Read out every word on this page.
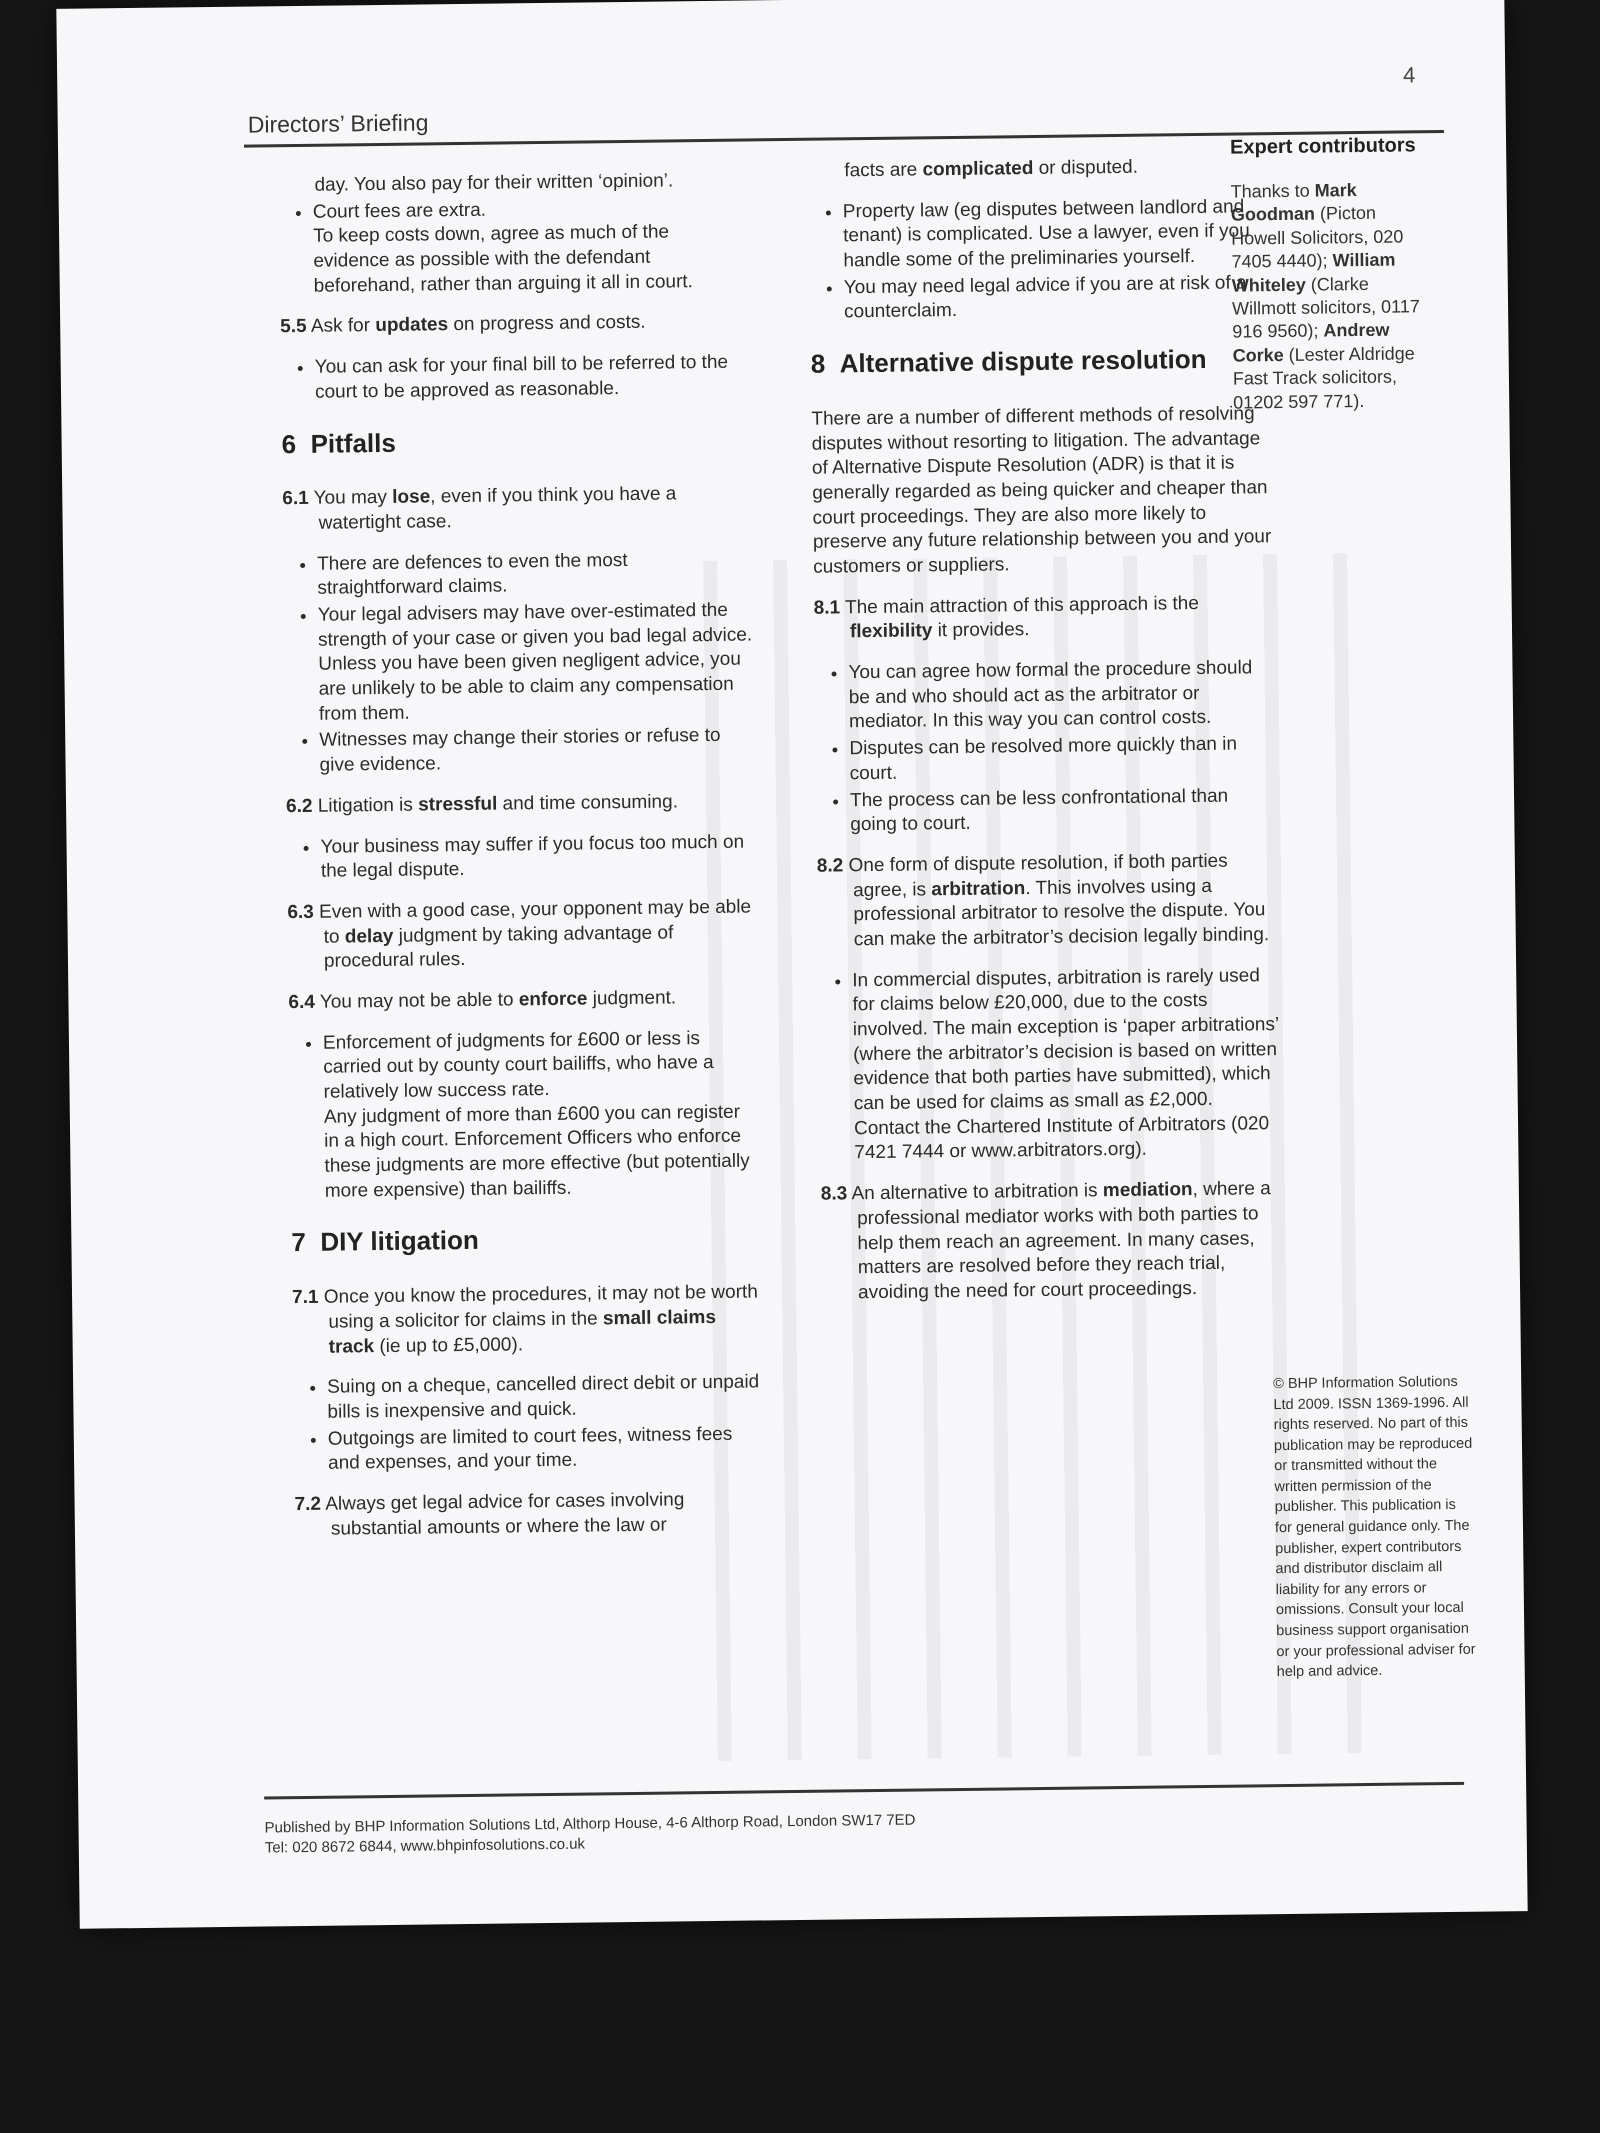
4
Directors’ Briefing

day. You also pay for their written ‘opinion’.

• Court fees are extra.
To keep costs down, agree as much of the evidence as possible with the defendant beforehand, rather than arguing it all in court.

5.5 Ask for updates on progress and costs.

• You can ask for your final bill to be referred to the court to be approved as reasonable.
6 Pitfalls

6.1 You may lose, even if you think you have a watertight case.

• There are defences to even the most straightforward claims.
• Your legal advisers may have over-estimated the strength of your case or given you bad legal advice.
Unless you have been given negligent advice, you are unlikely to be able to claim any compensation from them.
• Witnesses may change their stories or refuse to give evidence.

6.2 Litigation is stressful and time consuming.

• Your business may suffer if you focus too much on the legal dispute.

6.3 Even with a good case, your opponent may be able to delay judgment by taking advantage of procedural rules.

6.4 You may not be able to enforce judgment.

• Enforcement of judgments for £600 or less is carried out by county court bailiffs, who have a relatively low success rate.
Any judgment of more than £600 you can register in a high court. Enforcement Officers who enforce these judgments are more effective (but potentially more expensive) than bailiffs.
7 DIY litigation

7.1 Once you know the procedures, it may not be worth using a solicitor for claims in the small claims track (ie up to £5,000).

• Suing on a cheque, cancelled direct debit or unpaid bills is inexpensive and quick.
• Outgoings are limited to court fees, witness fees and expenses, and your time.

7.2 Always get legal advice for cases involving substantial amounts or where the law or

facts are complicated or disputed.

• Property law (eg disputes between landlord and tenant) is complicated. Use a lawyer, even if you handle some of the preliminaries yourself.
• You may need legal advice if you are at risk of a counterclaim.
8 Alternative dispute resolution

There are a number of different methods of resolving disputes without resorting to litigation. The advantage of Alternative Dispute Resolution (ADR) is that it is generally regarded as being quicker and cheaper than court proceedings. They are also more likely to preserve any future relationship between you and your customers or suppliers.

8.1 The main attraction of this approach is the flexibility it provides.

• You can agree how formal the procedure should be and who should act as the arbitrator or mediator. In this way you can control costs.
• Disputes can be resolved more quickly than in court.
• The process can be less confrontational than going to court.

8.2 One form of dispute resolution, if both parties agree, is arbitration. This involves using a professional arbitrator to resolve the dispute. You can make the arbitrator’s decision legally binding.

• In commercial disputes, arbitration is rarely used for claims below £20,000, due to the costs involved. The main exception is ‘paper arbitrations’ (where the arbitrator’s decision is based on written evidence that both parties have submitted), which can be used for claims as small as £2,000.
Contact the Chartered Institute of Arbitrators (020 7421 7444 or www.arbitrators.org).

8.3 An alternative to arbitration is mediation, where a professional mediator works with both parties to help them reach an agreement. In many cases, matters are resolved before they reach trial, avoiding the need for court proceedings.

Expert contributors
Thanks to Mark Goodman (Picton Howell Solicitors, 020 7405 4440); William Whiteley (Clarke Willmott solicitors, 0117 916 9560); Andrew Corke (Lester Aldridge Fast Track solicitors, 01202 597 771).
© BHP Information Solutions Ltd 2009. ISSN 1369-1996. All rights reserved. No part of this publication may be reproduced or transmitted without the written permission of the publisher. This publication is for general guidance only. The publisher, expert contributors and distributor disclaim all liability for any errors or omissions. Consult your local business support organisation or your professional adviser for help and advice.
Published by BHP Information Solutions Ltd, Althorp House, 4-6 Althorp Road, London SW17 7ED
Tel: 020 8672 6844, www.bhpinfosolutions.co.uk
